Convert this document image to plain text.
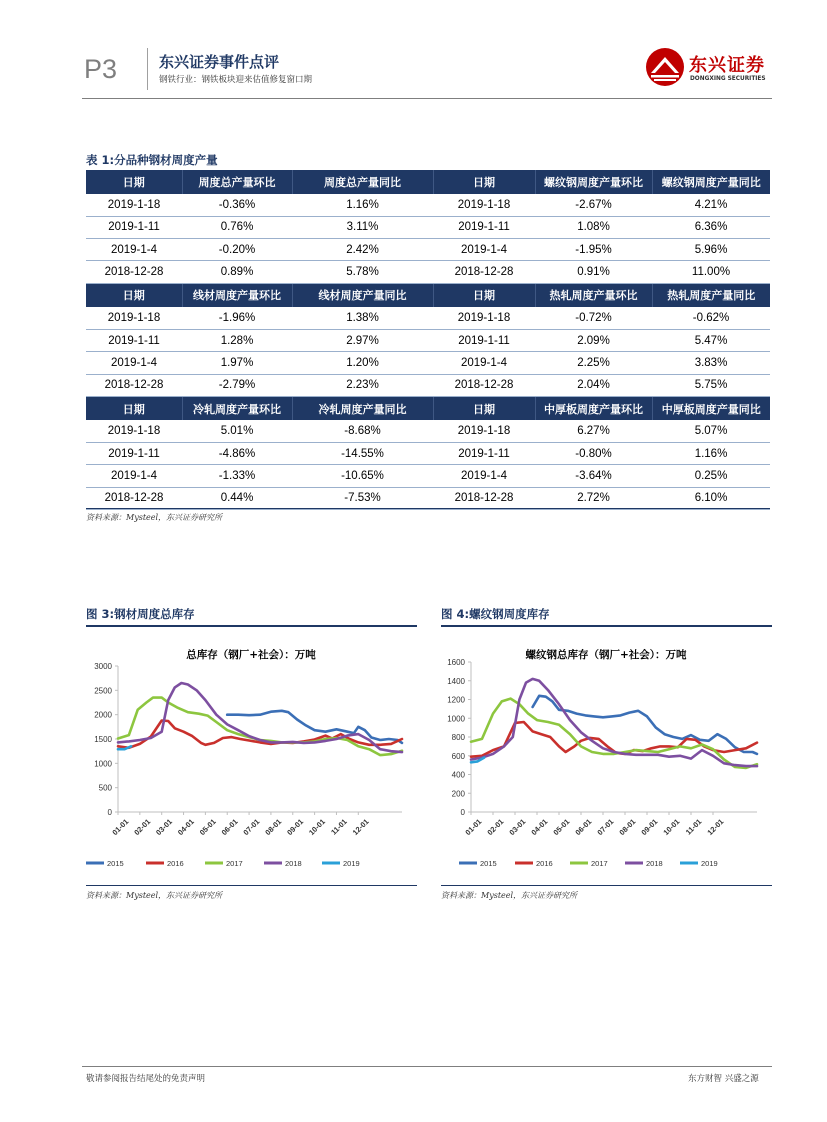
P3	东兴证券事件点评
钢铁行业：钢铁板块迎来估值修复窗口期
东兴证券
DONGXING SECURITIES
表 1:分品种钢材周度产量
日期	周度总产量环比	周度总产量同比	日期	螺纹钢周度产量环比	螺纹钢周度产量同比
2019-1-18	-0.36%	1.16%	2019-1-18	-2.67%	4.21%
2019-1-11	0.76%	3.11%	2019-1-11	1.08%	6.36%
2019-1-4	-0.20%	2.42%	2019-1-4	-1.95%	5.96%
2018-12-28	0.89%	5.78%	2018-12-28	0.91%	11.00%
日期	线材周度产量环比	线材周度产量同比	日期	热轧周度产量环比	热轧周度产量同比
2019-1-18	-1.96%	1.38%	2019-1-18	-0.72%	-0.62%
2019-1-11	1.28%	2.97%	2019-1-11	2.09%	5.47%
2019-1-4	1.97%	1.20%	2019-1-4	2.25%	3.83%
2018-12-28	-2.79%	2.23%	2018-12-28	2.04%	5.75%
日期	冷轧周度产量环比	冷轧周度产量同比	日期	中厚板周度产量环比	中厚板周度产量同比
2019-1-18	5.01%	-8.68%	2019-1-18	6.27%	5.07%
2019-1-11	-4.86%	-14.55%	2019-1-11	-0.80%	1.16%
2019-1-4	-1.33%	-10.65%	2019-1-4	-3.64%	0.25%
2018-12-28	0.44%	-7.53%	2018-12-28	2.72%	6.10%
资料来源：Mysteel，东兴证券研究所
图 3:钢材周度总库存
总库存（钢厂+社会）：万吨
0
500
1000
1500
2000
2500
3000
01-01 02-01 03-01 04-01 05-01 06-01 07-01 08-01 09-01 10-01 11-01 12-01
2015	2016	2017	2018	2019
资料来源：Mysteel，东兴证券研究所
图 4:螺纹钢周度库存
螺纹钢总库存（钢厂+社会）：万吨
0
200
400
600
800
1000
1200
1400
1600
01-01 02-01 03-01 04-01 05-01 06-01 07-01 08-01 09-01 10-01 11-01 12-01
2015	2016	2017	2018	2019
资料来源：Mysteel，东兴证券研究所
敬请参阅报告结尾处的免责声明	东方财智 兴盛之源
